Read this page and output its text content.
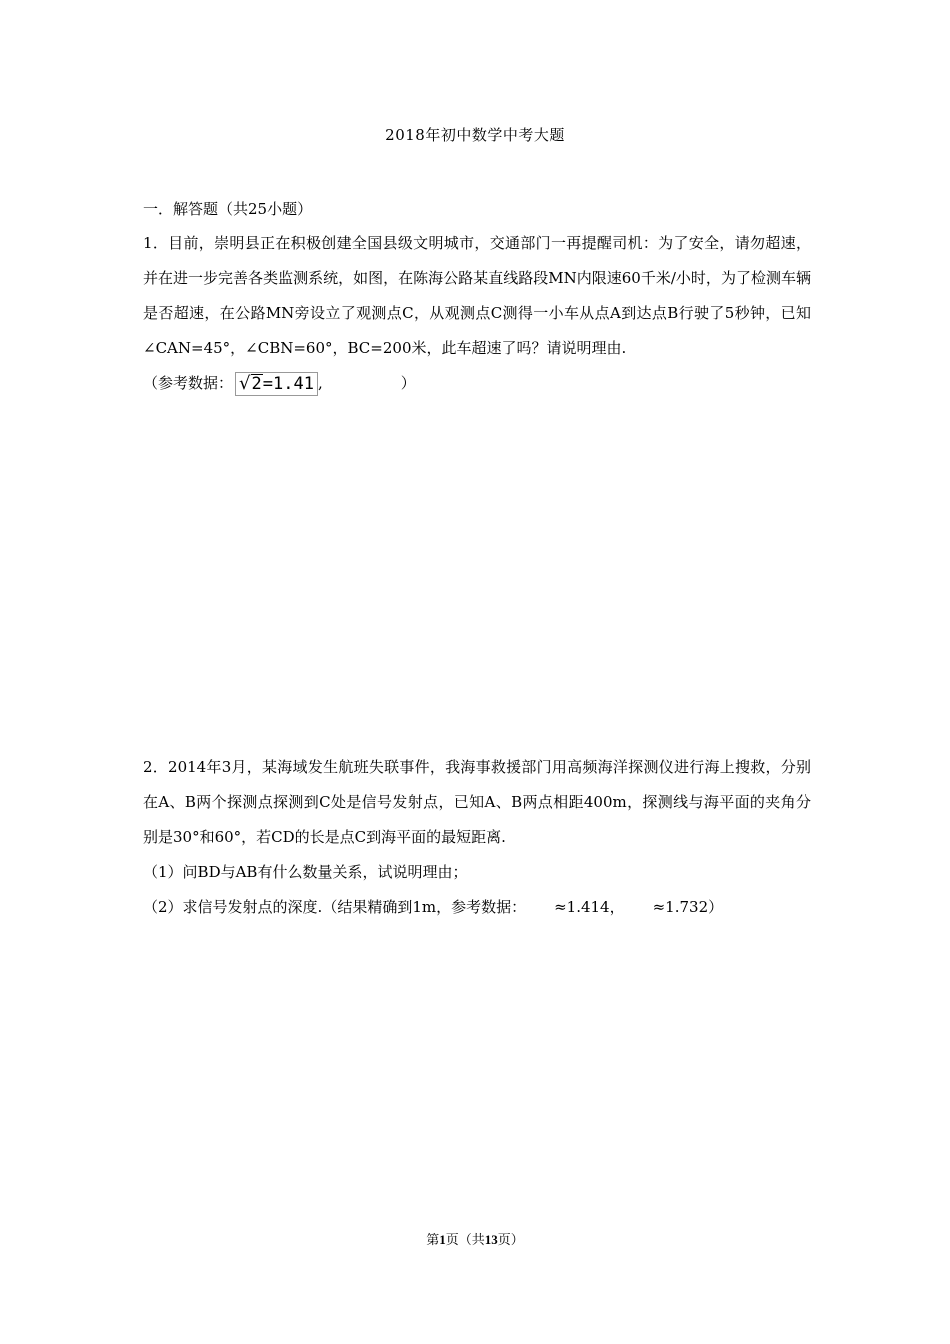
2018年初中数学中考大题
一．解答题（共25小题）

1．目前，崇明县正在积极创建全国县级文明城市，交通部门一再提醒司机：为了安全，请勿超速，并在进一步完善各类监测系统，如图，在陈海公路某直线路段MN内限速60千米/小时，为了检测车辆是否超速，在公路MN旁设立了观测点C，从观测点C测得一小车从点A到达点B行驶了5秒钟，已知∠CAN=45°，∠CBN=60°，BC=200米，此车超速了吗？请说明理由.

（参考数据： √2=1.41 ,	）

2．2014年3月，某海域发生航班失联事件，我海事救援部门用高频海洋探测仪进行海上搜救，分别在A、B两个探测点探测到C处是信号发射点，已知A、B两点相距400m，探测线与海平面的夹角分别是30°和60°，若CD的长是点C到海平面的最短距离.

（1）问BD与AB有什么数量关系，试说明理由；

（2）求信号发射点的深度.（结果精确到1m，参考数据： ≈1.414， ≈1.732）

第1页（共13页）
